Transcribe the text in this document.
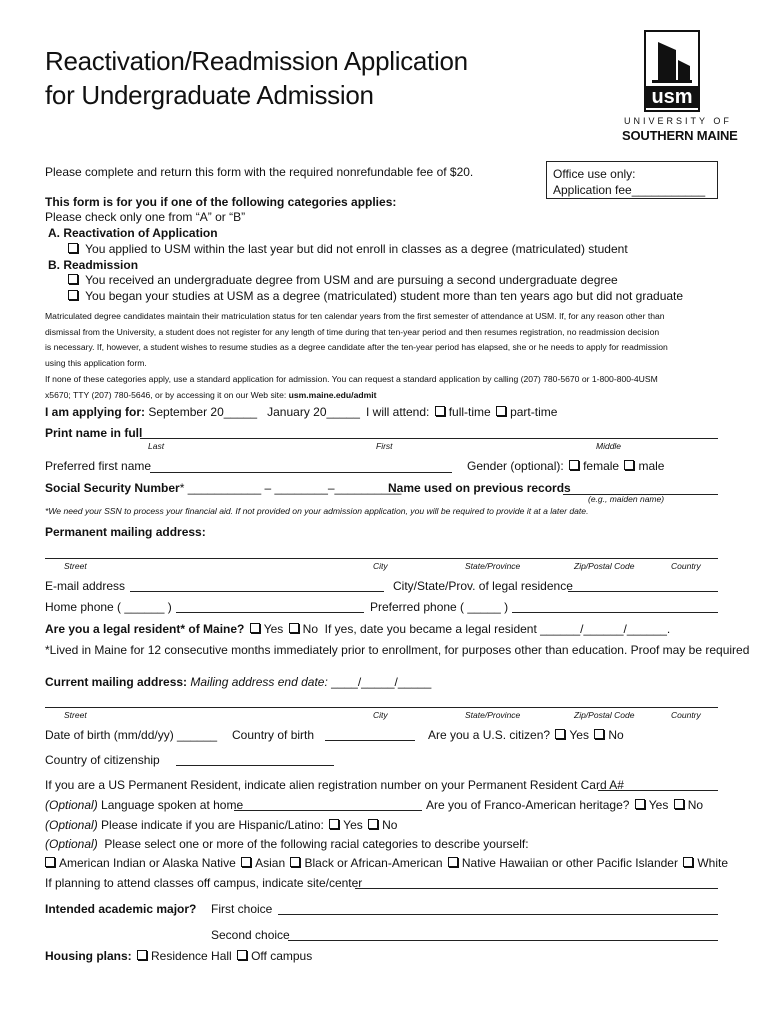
Reactivation/Readmission Application
for Undergraduate Admission	usm
UNIVERSITY OF
SOUTHERN MAINE
Office use only:
Application fee___________
Please complete and return this form with the required nonrefundable fee of $20.
This form is for you if one of the following categories applies:
Please check only one from “A” or “B”
A. Reactivation of Application
You applied to USM within the last year but did not enroll in classes as a degree (matriculated) student
B. Readmission
You received an undergraduate degree from USM and are pursuing a second undergraduate degree
You began your studies at USM as a degree (matriculated) student more than ten years ago but did not graduate
Matriculated degree candidates maintain their matriculation status for ten calendar years from the first semester of attendance at USM. If, for any reason other than
dismissal from the University, a student does not register for any length of time during that ten-year period and then resumes registration, no readmission decision
is necessary. If, however, a student wishes to resume studies as a degree candidate after the ten-year period has elapsed, she or he needs to apply for readmission
using this application form.
If none of these categories apply, use a standard application for admission. You can request a standard application by calling (207) 780-5670 or 1-800-800-4USM
x5670; TTY (207) 780-5646, or by accessing it on our Web site: usm.maine.edu/admit
I am applying for: September 20_____ January 20_____ I will attend: full-time part-time
Print name in full
Last	First	Middle
Preferred first name	Gender (optional): female male
Social Security Number* ___________ – ________–__________
Name used on previous records
(e.g., maiden name)
*We need your SSN to process your financial aid. If not provided on your admission application, you will be required to provide it at a later date.
Permanent mailing address:
Street	City	State/Province	Zip/Postal Code	Country
E-mail address	City/State/Prov. of legal residence
Home phone ( ______ )	Preferred phone ( _____ )
Are you a legal resident* of Maine? Yes No If yes, date you became a legal resident ______/______/______.
*Lived in Maine for 12 consecutive months immediately prior to enrollment, for purposes other than education. Proof may be required
Current mailing address: Mailing address end date: ____/_____/_____
Street	City	State/Province	Zip/Postal Code	Country
Date of birth (mm/dd/yy) ______ Country of birth	Are you a U.S. citizen? Yes No
Country of citizenship
If you are a US Permanent Resident, indicate alien registration number on your Permanent Resident Card A#
(Optional) Language spoken at home	Are you of Franco-American heritage? Yes No
(Optional) Please indicate if you are Hispanic/Latino: Yes No
(Optional) Please select one or more of the following racial categories to describe yourself:
American Indian or Alaska Native Asian Black or African-American Native Hawaiian or other Pacific Islander White
If planning to attend classes off campus, indicate site/center
Intended academic major? First choice
Second choice
Housing plans: Residence Hall Off campus
